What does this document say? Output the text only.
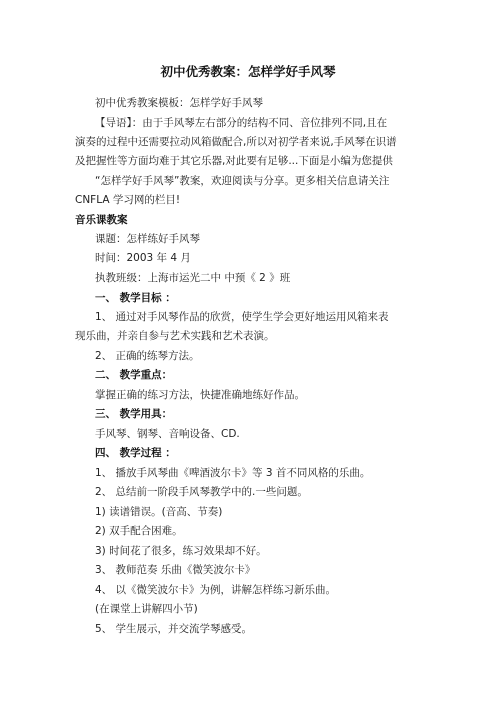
初中优秀教案：怎样学好手风琴
初中优秀教案模板：怎样学好手风琴
【导语】：由于手风琴左右部分的结构不同、音位排列不同,且在
演奏的过程中还需要拉动风箱做配合,所以对初学者来说,手风琴在识谱
及把握性等方面均难于其它乐器,对此要有足够...下面是小编为您提供
“怎样学好手风琴”教案，欢迎阅读与分享。更多相关信息请关注
CNFLA 学习网的栏目!
音乐课教案
课题：怎样练好手风琴
时间：2003 年 4 月
执教班级：上海市运光二中 中预《 2 》班
一、 教学目标 ：
1、 通过对手风琴作品的欣赏，使学生学会更好地运用风箱来表
现乐曲，并亲自参与艺术实践和艺术表演。
2、 正确的练琴方法。
二、 教学重点：
掌握正确的练习方法，快捷准确地练好作品。
三、 教学用具：
手风琴、钢琴、音响设备、CD.
四、 教学过程 ：
1、 播放手风琴曲《啤酒波尔卡》等 3 首不同风格的乐曲。
2、 总结前一阶段手风琴教学中的.一些问题。
1) 读谱错误。(音高、节奏)
2) 双手配合困难。
3) 时间花了很多，练习效果却不好。
3、 教师范奏 乐曲《微笑波尔卡》
4、 以《微笑波尔卡》为例，讲解怎样练习新乐曲。
(在课堂上讲解四小节)
5、 学生展示，并交流学琴感受。
